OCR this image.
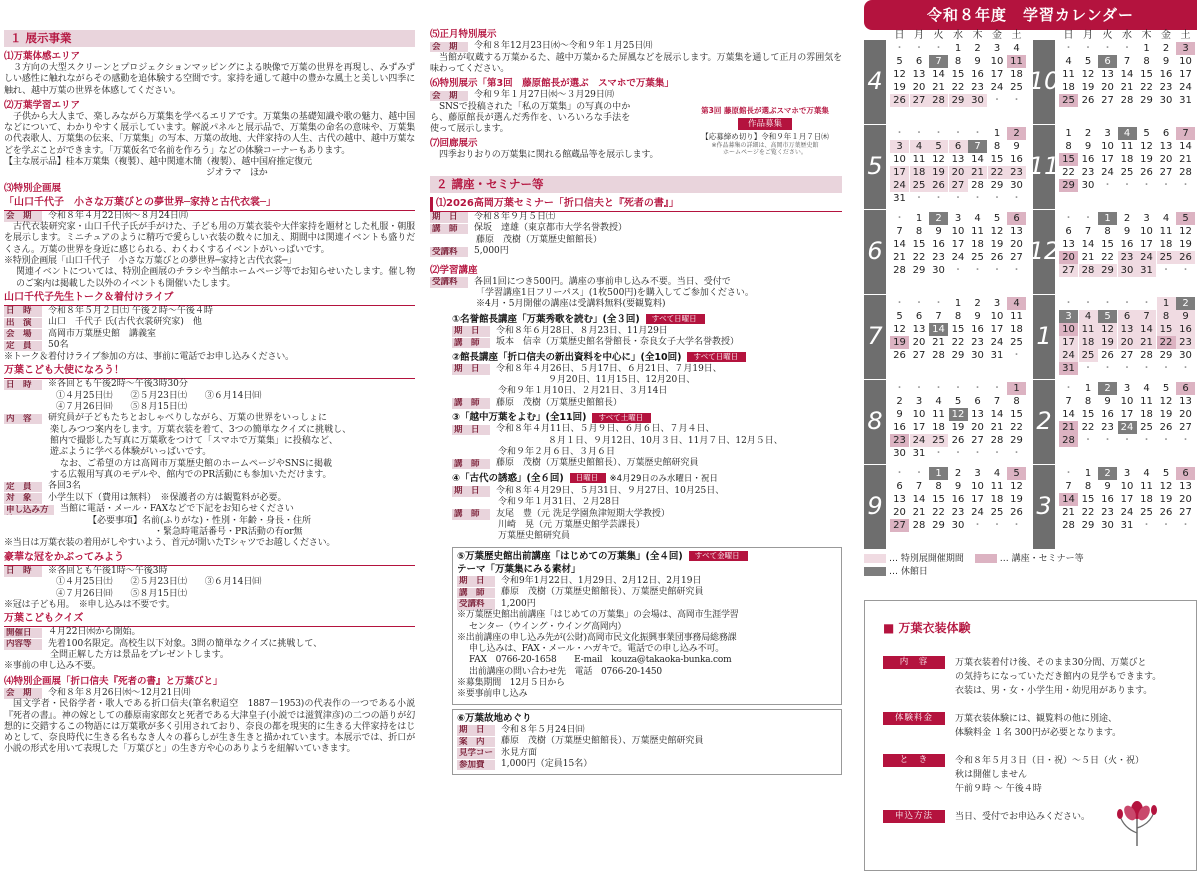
１ 展示事業
⑴万葉体感エリア
３方向の大型スクリーンとプロジェクションマッピングによる映像で万葉の世界を再現し、みずみずしい感性に触れながらその感動を追体験する空間です。家持を通して越中の豊かな風土と美しい四季に触れ、越中万葉の世界を体感してください。
⑵万葉学習エリア
子供から大人まで、楽しみながら万葉集を学べるエリアです。万葉集の基礎知識や歌の魅力、越中国などについて、わかりやすく展示しています。解説パネルと展示品で、万葉集の命名の意味や、万葉集の代表歌人、万葉集の伝来、「万葉集」の写本、万葉の故地、大伴家持の人生、古代の越中、越中万葉などを学ぶことができます。「万葉仮名で名前を作ろう」などの体験コーナーもあります。
【主な展示品】桂本万葉集（複製）、越中関連木簡（複製）、越中国府推定復元
ジオラマ　ほか
⑶特別企画展
「山口千代子　小さな万葉びとの夢世界─家持と古代衣裳─」
会　期	令和８年４月22日㈬～８月24日㈪
古代衣装研究家・山口千代子氏が手がけた、子ども用の万葉衣装や大伴家持を題材とした札服・朝服を展示します。ミニチュアのように精巧で愛らしい衣装の数々に加え、期間中は関連イベントも盛りだくさん。万葉の世界を身近に感じられる、わくわくするイベントがいっぱいです。
※特別企画展「山口千代子　小さな万葉びとの夢世界─家持と古代衣裳─」
関連イベントについては、特別企画展のチラシや当館ホームページ等でお知らせいたします。催し物のご案内は掲載した以外のイベントも開催いたします。
山口千代子先生トーク＆着付けライブ
日　時	令和８年５月２日㈯ 午後２時～午後４時
出　演	山口　千代子 氏(古代衣裳研究家)　他
会　場	高岡市万葉歴史館　講義室
定　員	50名
※トーク＆着付けライブ参加の方は、事前に電話でお申し込みください。
万葉こども大使になろう！
日　時	※各回とも午後2時～午後3時30分
①４月25日㈯　　②５月23日㈯　　③６月14日㈰
④７月26日㈰　　⑤８月15日㈯
内　容	研究員が子どもたちとおしゃべりしながら、万葉の世界をいっしょに
楽しみつつ案内をします。万葉衣装を着て、3つの簡単なクイズに挑戦し、
館内で撮影した写真に万葉歌をつけて「スマホで万葉集」に投稿など、
遊ぶように学べる体験がいっぱいです。
なお、ご希望の方は高岡市万葉歴史館のホームページやSNSに掲載
する広報用写真のモデルや、館内でのPR活動にも参加いただけます。
定　員	各回3名
対　象	小学生以下（費用は無料）　※保護者の方は観覧料が必要。
申し込み方	当館に電話・メール・FAXなどで下記をお知らせください
【必要事項】名前(ふりがな)・性別・年齢・身長・住所
・緊急時電話番号・PR活動の有or無
※当日は万葉衣装の着用がしやすいよう、首元が開いたTシャツでお越しください。
豪華な冠をかぶってみよう
日　時	※各回とも午後1時～午後3時
①４月25日㈯　　②５月23日㈯　　③６月14日㈰
④７月26日㈰　　⑤８月15日㈯
※冠は子ども用。　※申し込みは不要です。
万葉こどもクイズ
開催日	４月22日㈬から開始。
内容等	先着100名限定。高校生以下対象。3問の簡単なクイズに挑戦して、
全問正解した方は景品をプレゼントします。
※事前の申し込み不要。
⑷特別企画展「折口信夫『死者の書』と万葉びと」
会　期	令和８年８月26日㈬～12月21日㈪
国文学者・民俗学者・歌人である折口信夫(筆名釈迢空　1887－1953)の代表作の一つである小説『死者の書』。神の嫁としての藤原南家郎女と死者である大津皇子(小説では滋賀津彦)の二つの語りが幻想的に交錯するこの物語には万葉歌が多く引用されており、奈良の都を現実的に生きる大伴家持をはじめとして、奈良時代に生きる名もなき人々の暮らしが生き生きと描かれています。本展示では、折口が小説の形式を用いて表現した「万葉びと」の生き方や心のありようを紐解いていきます。
⑸正月特別展示
会　期	令和８年12月23日㈬～令和９年１月25日㈪
当館が収蔵する万葉かるた、越中万葉かるた屏風などを展示します。万葉集を通して正月の雰囲気を味わってください。
⑹特別展示「第3回　藤原館長が選ぶ　スマホで万葉集」
会　期	令和９年１月27日㈬～３月29日㈪
SNSで投稿された「私の万葉集」の写真の中から、藤原館長が選んだ秀作を、いろいろな手法を使って展示します。
第3回 藤原館長が選ぶスマホで万葉集
作品募集
【応募締め切り】令和９年１月７日㈭
※作品募集の詳細は、高岡市万葉歴史館
ホームページをご覧ください。
⑺回廊展示
四季おりおりの万葉集に関れる館蔵品等を展示します。
２ 講座・セミナー等
⑴2026高岡万葉セミナー「折口信夫と『死者の書』」
期　日	令和８年９月５日㈯
講　師	保坂　達雄（東京都市大学名誉教授）
藤原　茂樹（万葉歴史館館長）
受講料	5,000円
⑵学習講座
受講料	各回1回につき500円。講座の事前申し込み不要。当日、受付で
「学習講座1日フリーパス」(1枚500円)を購入してご参加ください。
※4月・5月開催の講座は受講料無料(要観覧料)
①名誉館長講座「万葉秀歌を読む」(全３回) すべて日曜日
期　日	令和８年６月28日、８月23日、11月29日
講　師	坂本　信幸（万葉歴史館名誉館長・奈良女子大学名誉教授）
②館長講座「折口信夫の新出資料を中心に」(全10回) すべて日曜日
期　日	令和８年４月26日、５月17日、６月21日、７月19日、
９月20日、11月15日、12月20日、
令和９年１月10日、２月21日、３月14日
講　師	藤原　茂樹（万葉歴史館館長）
③「越中万葉をよむ」(全11回) すべて土曜日
期　日	令和８年４月11日、５月９日、６月６日、７月４日、
８月１日、９月12日、10月３日、11月７日、12月５日、
令和９年２月６日、３月６日
講　師	藤原　茂樹（万葉歴史館館長）、万葉歴史館研究員
④「古代の誘惑」(全６回) 日曜日 ※4月29日のみ水曜日・祝日
期　日	令和８年４月29日、５月31日、９月27日、10月25日、
令和９年１月31日、２月28日
講　師	友尾　豊（元 洗足学園魚津短期大学教授）
川崎　晃（元 万葉歴史館学芸課長）
万葉歴史館研究員
⑤万葉歴史館出前講座「はじめての万葉集」(全４回) すべて金曜日
テーマ「万葉集にみる素材」
期　日	令和9年1月22日、1月29日、2月12日、2月19日
講　師	藤原　茂樹（万葉歴史館館長）、万葉歴史館研究員
受講料	1,200円
※万葉歴史館出前講座「はじめての万葉集」の会場は、高岡市生涯学習
センター（ウイング・ウイング高岡内）
※出前講座の申し込み先が(公財)高岡市民文化振興事業団事務局総務課
申し込みは、FAX・メール・ハガキで。電話での申し込み不可。
FAX　0766-20-1658　　E-mail　kouza@takaoka-bunka.com
出前講座の問い合わせ先　電話　0766-20-1450
※募集期間　12月５日から
※要事前申し込み
⑥万葉故地めぐり
期　日	令和８年５月24日㈰
案　内	藤原　茂樹（万葉歴史館館長）、万葉歴史館研究員
見学コー 氷見方面
参加費	1,000円（定員15名）
令和８年度　学習カレンダー
4
・ ・ ・	1	2	3	4
5	6	7	8	9 10 11
12 13 14 15 16 17 18
19 20 21 22 23 24 25
26 27 28 29 30 ・ ・
5
・ ・ ・ ・ ・	1	2
3	4	5	6	7	8	9
10 11 12 13 14 15 16
17 18 19 20 21 22 23
24 25 26 27 28 29 30
31 ・ ・ ・ ・ ・ ・
6
・	1	2	3	4	5	6
7	8	9 10 11 12 13
14 15 16 17 18 19 20
21 22 23 24 25 26 27
28 29 30 ・ ・ ・ ・
7
・ ・ ・	1	2	3	4
5	6	7	8	9 10 11
12 13 14 15 16 17 18
19 20 21 22 23 24 25
26 27 28 29 30 31 ・
8
・ ・ ・ ・ ・ ・	1
2	3	4	5	6	7	8
9 10 11 12 13 14 15
16 17 18 19 20 21 22
23 24 25 26 27 28 29
30 31 ・ ・ ・ ・ ・
9
・ ・	1	2	3	4	5
6	7	8	9 10 11 12
13 14 15 16 17 18 19
20 21 22 23 24 25 26
27 28 29 30 ・ ・ ・
10
・ ・ ・ ・	1	2	3
4	5	6	7	8	9 10
11 12 13 14 15 16 17
18 19 20 21 22 23 24
25 26 27 28 29 30 31
11
1	2	3	4	5	6	7
8	9 10 11 12 13 14
15 16 17 18 19 20 21
22 23 24 25 26 27 28
29 30 ・ ・ ・ ・ ・
12
・ ・	1	2	3	4	5
6	7	8	9 10 11 12
13 14 15 16 17 18 19
20 21 22 23 24 25 26
27 28 29 30 31 ・ ・
1
・ ・ ・ ・ ・	1	2
3	4	5	6	7	8	9
10 11 12 13 14 15 16
17 18 19 20 21 22 23
24 25 26 27 28 29 30
31 ・ ・ ・ ・ ・ ・
2
・	1	2	3	4	5	6
7	8	9 10 11 12 13
14 15 16 17 18 19 20
21 22 23 24 25 26 27
28 ・ ・ ・ ・ ・ ・
3
・	1	2	3	4	5	6
7	8	9 10 11 12 13
14 15 16 17 18 19 20
21 22 23 24 25 26 27
28 29 30 31 ・ ・ ・
日 月 火 水 木 金 土	日 月 火 水 木 金 土
… 特別展開催期間	… 講座・セミナー等
… 休館日
■ 万葉衣装体験
内　容	万葉衣装着付け後、そのまま30分間、万葉びと
の気持ちになっていただき館内の見学もできます。
衣装は、男・女・小学生用・幼児用があります。
体験料金	万葉衣装体験には、観覧料の他に別途、
体験料金 １名 300円が必要となります。
と　き	令和８年５月３日（日・祝）～５日（火・祝）
秋は開催しません
午前９時 ～ 午後４時
申込方法	当日、受付でお申込みください。
